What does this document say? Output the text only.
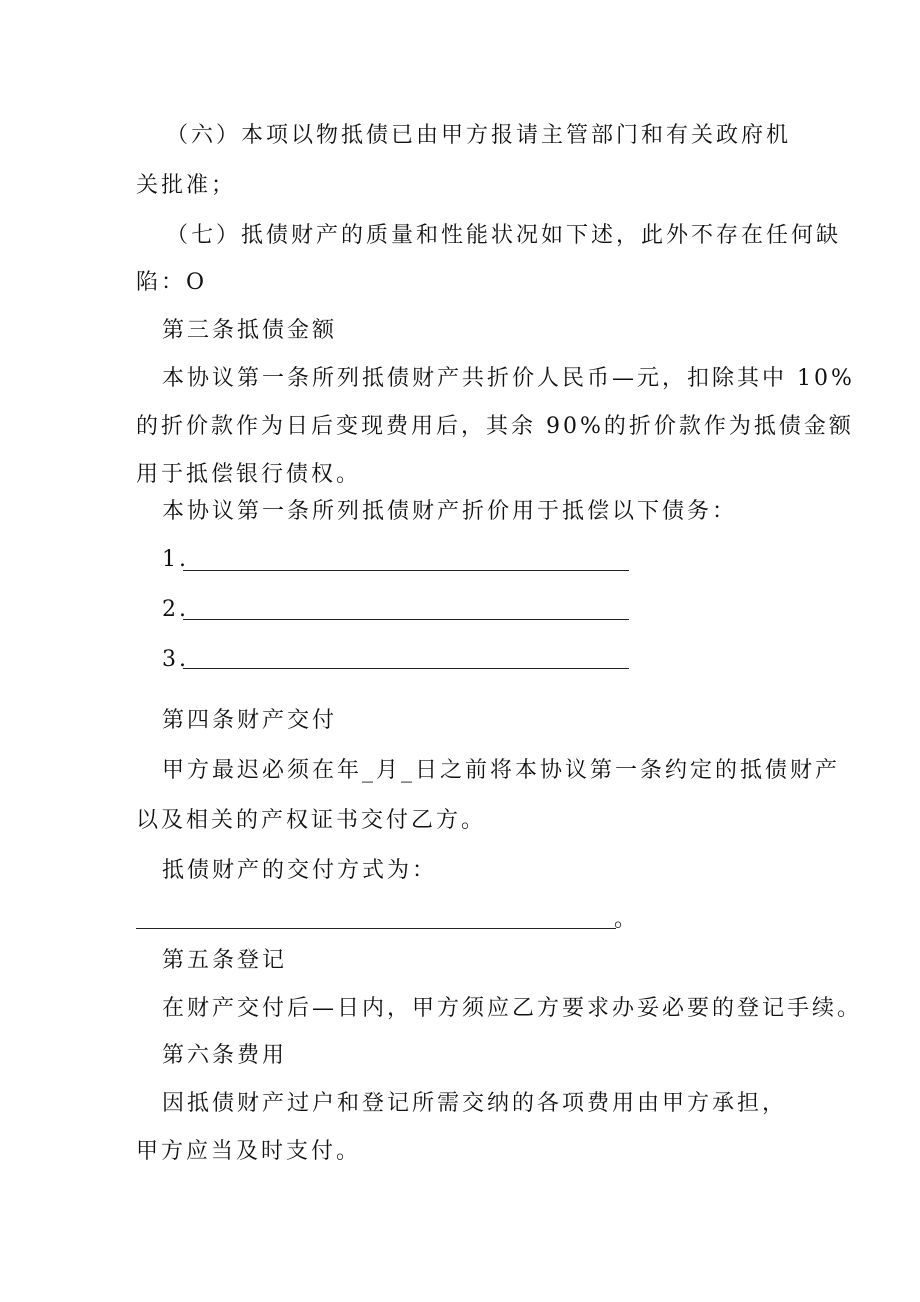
（六）本项以物抵债已由甲方报请主管部门和有关政府机

关批准；

（七）抵债财产的质量和性能状况如下述，此外不存在任何缺

陷：O

第三条抵债金额

本协议第一条所列抵债财产共折价人民币—元，扣除其中 10%

的折价款作为日后变现费用后，其余 90%的折价款作为抵债金额

用于抵偿银行债权。

本协议第一条所列抵债财产折价用于抵偿以下债务：

1.

2.

3.

第四条财产交付

甲方最迟必须在年_月_日之前将本协议第一条约定的抵债财产

以及相关的产权证书交付乙方。

抵债财产的交付方式为：

。

第五条登记

在财产交付后—日内，甲方须应乙方要求办妥必要的登记手续。

第六条费用

因抵债财产过户和登记所需交纳的各项费用由甲方承担，

甲方应当及时支付。
